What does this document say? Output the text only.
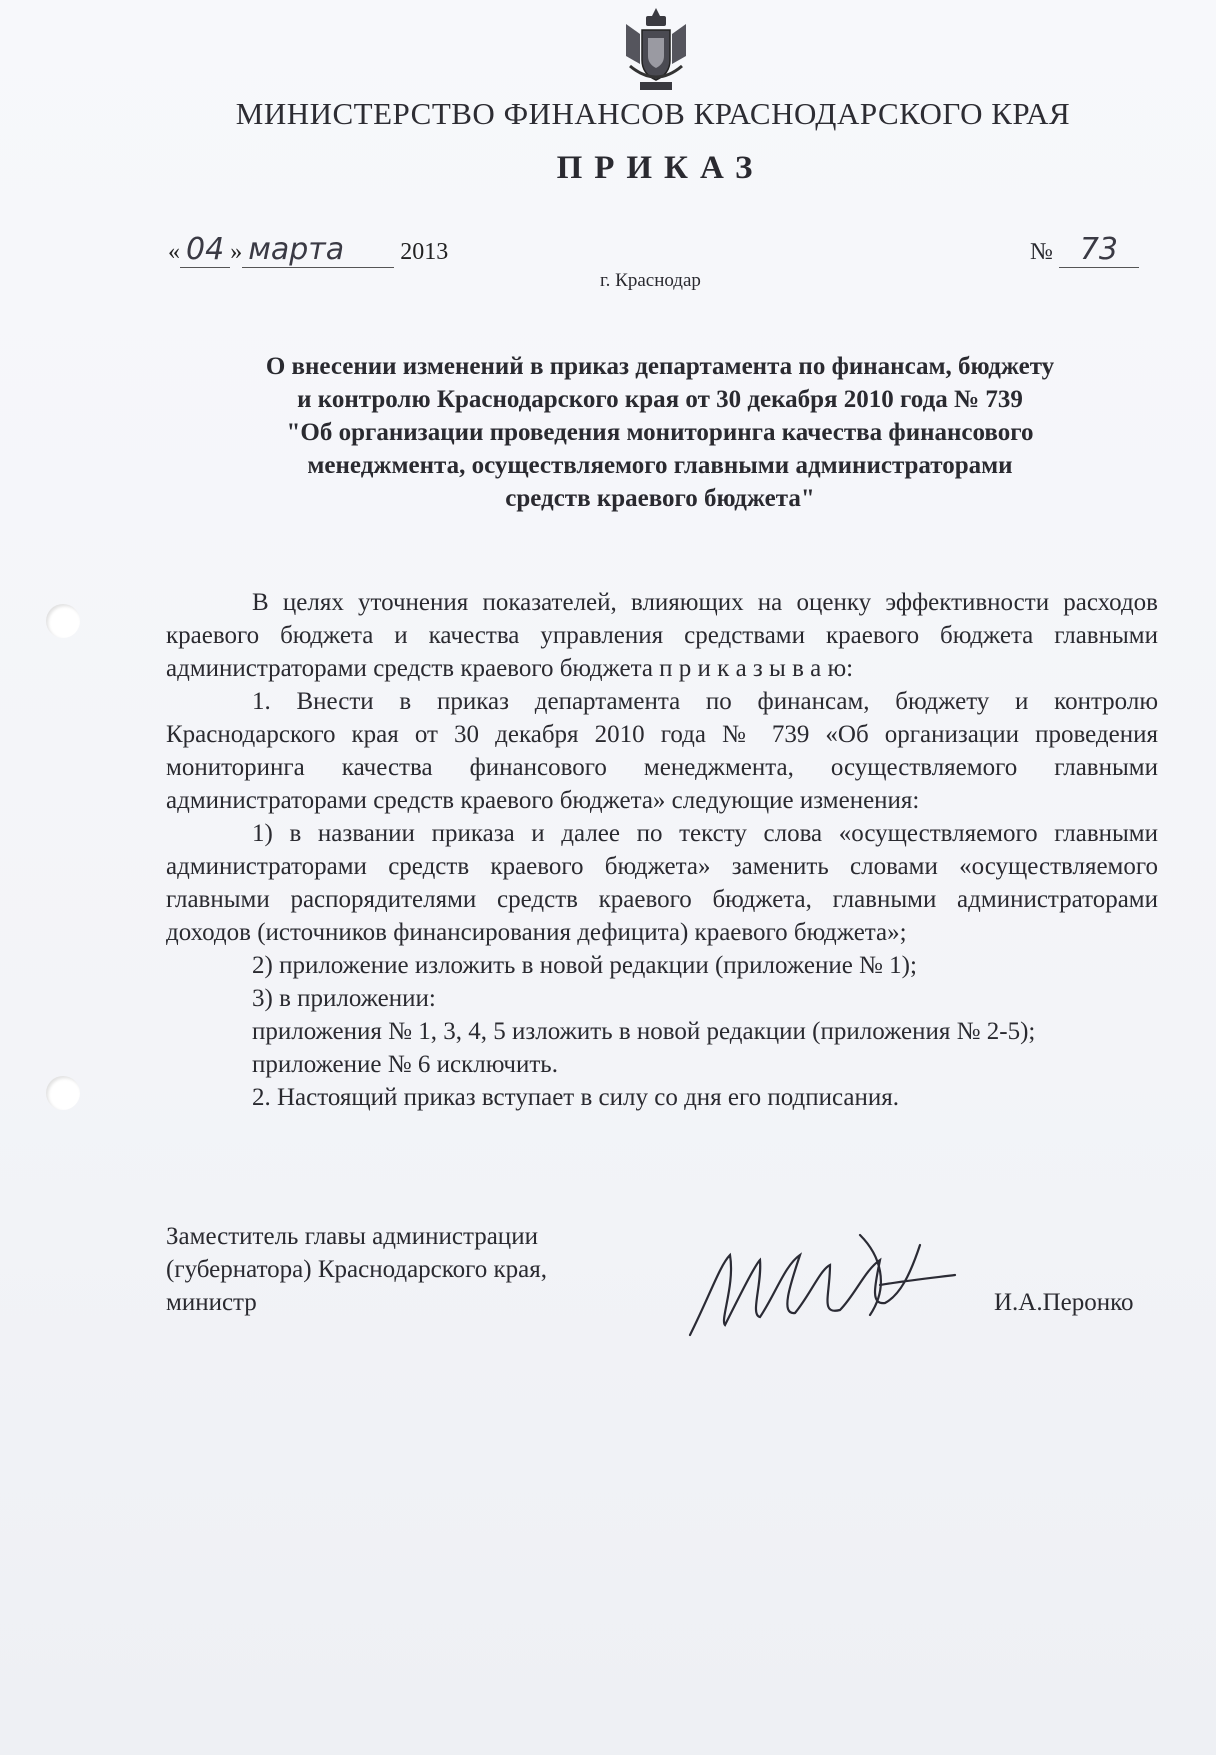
МИНИСТЕРСТВО ФИНАНСОВ КРАСНОДАРСКОГО КРАЯ
ПРИКАЗ
« 04 » марта 2013	№ 73
г. Краснодар
О внесении изменений в приказ департамента по финансам, бюджету
и контролю Краснодарского края от 30 декабря 2010 года № 739
"Об организации проведения мониторинга качества финансового
менеджмента, осуществляемого главными администраторами
средств краевого бюджета"

В целях уточнения показателей, влияющих на оценку эффективности расходов краевого бюджета и качества управления средствами краевого бюджета главными администраторами средств краевого бюджета п р и к а з ы в а ю:

1. Внести в приказ департамента по финансам, бюджету и контролю Краснодарского края от 30 декабря 2010 года № 739 «Об организации проведения мониторинга качества финансового менеджмента, осуществляемого главными администраторами средств краевого бюджета» следующие изменения:

1) в названии приказа и далее по тексту слова «осуществляемого главными администраторами средств краевого бюджета» заменить словами «осуществляемого главными распорядителями средств краевого бюджета, главными администраторами доходов (источников финансирования дефицита) краевого бюджета»;

2) приложение изложить в новой редакции (приложение № 1);

3) в приложении:

приложения № 1, 3, 4, 5 изложить в новой редакции (приложения № 2-5);

приложение № 6 исключить.

2. Настоящий приказ вступает в силу со дня его подписания.

Заместитель главы администрации
(губернатора) Краснодарского края,
министр	И.А.Перонко
